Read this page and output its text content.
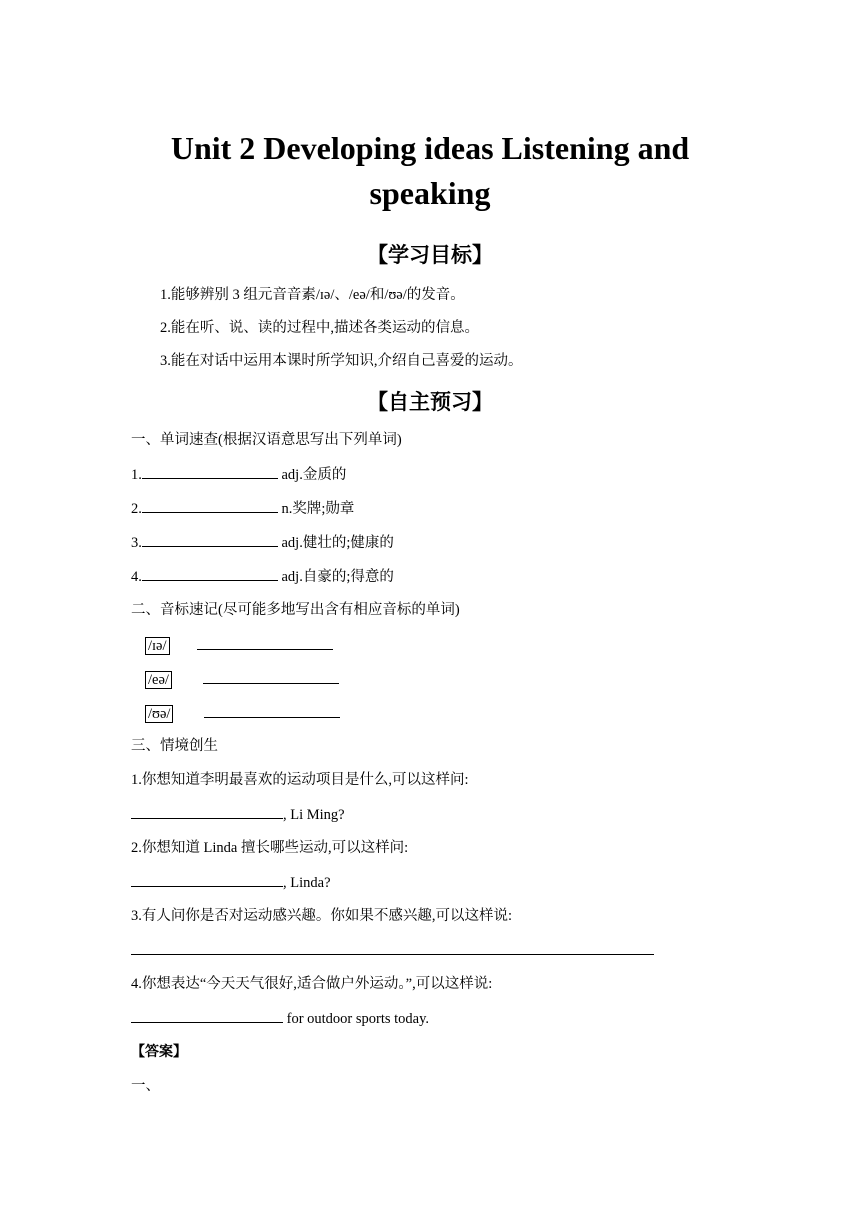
Unit 2 Developing ideas Listening and
speaking
【学习目标】
1.能够辨别 3 组元音音素/ɪə/、/eə/和/ʊə/的发音。
2.能在听、说、读的过程中,描述各类运动的信息。
3.能在对话中运用本课时所学知识,介绍自己喜爱的运动。
【自主预习】
一、单词速查(根据汉语意思写出下列单词)
1.	adj.金质的
2.	n.奖牌;勋章
3.	adj.健壮的;健康的
4.	adj.自豪的;得意的
二、音标速记(尽可能多地写出含有相应音标的单词)
/ɪə/
/eə/
/ʊə/
三、情境创生
1.你想知道李明最喜欢的运动项目是什么,可以这样问:
, Li Ming?
2.你想知道 Linda 擅长哪些运动,可以这样问:
, Linda?
3.有人问你是否对运动感兴趣。你如果不感兴趣,可以这样说:
4.你想表达“今天天气很好,适合做户外运动。”,可以这样说:
for outdoor sports today.
【答案】
一、
